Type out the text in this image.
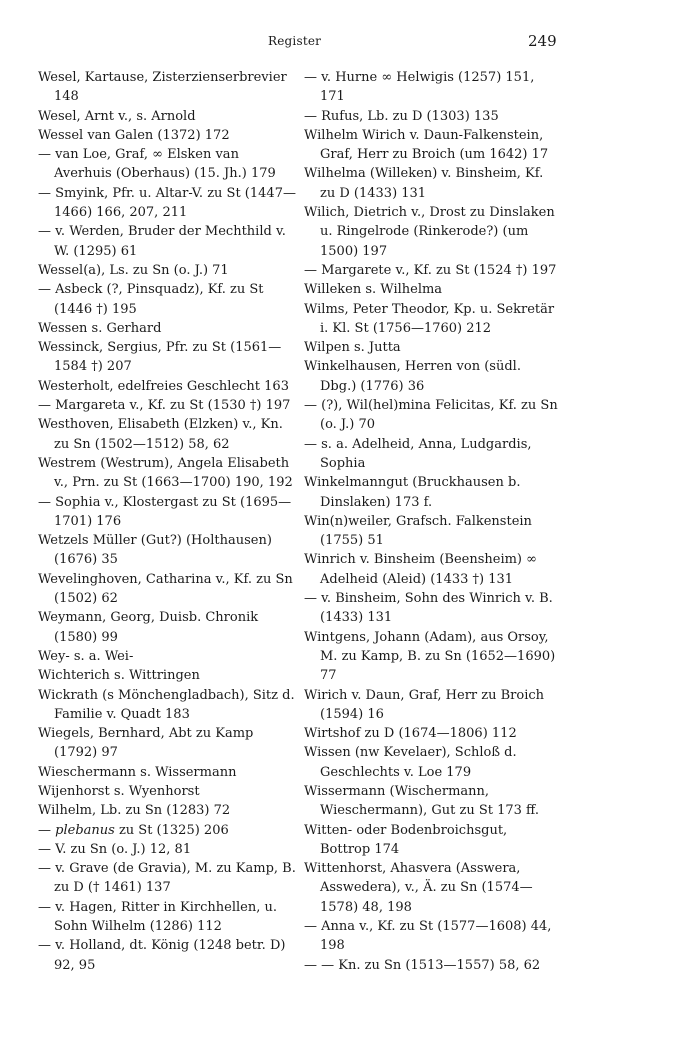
Register	249

Wesel, Kartause, Zisterzienserbrevier 148

Wesel, Arnt v., s. Arnold

Wessel van Galen (1372) 172

— van Loe, Graf, ∞ Elsken van Averhuis (Oberhaus) (15. Jh.) 179

— Smyink, Pfr. u. Altar-V. zu St (1447—1466) 166, 207, 211

— v. Werden, Bruder der Mechthild v. W. (1295) 61

Wessel(a), Ls. zu Sn (o. J.) 71

— Asbeck (?, Pinsquadz), Kf. zu St (1446 †) 195

Wessen s. Gerhard

Wessinck, Sergius, Pfr. zu St (1561—1584 †) 207

Westerholt, edelfreies Geschlecht 163

— Margareta v., Kf. zu St (1530 †) 197

Westhoven, Elisabeth (Elzken) v., Kn. zu Sn (1502—1512) 58, 62

Westrem (Westrum), Angela Elisabeth v., Prn. zu St (1663—1700) 190, 192

— Sophia v., Klostergast zu St (1695—1701) 176

Wetzels Müller (Gut?) (Holthausen) (1676) 35

Wevelinghoven, Catharina v., Kf. zu Sn (1502) 62

Weymann, Georg, Duisb. Chronik (1580) 99

Wey- s. a. Wei-

Wichterich s. Wittringen

Wickrath (s Mönchengladbach), Sitz d. Familie v. Quadt 183

Wiegels, Bernhard, Abt zu Kamp (1792) 97

Wieschermann s. Wissermann

Wijenhorst s. Wyenhorst

Wilhelm, Lb. zu Sn (1283) 72

— plebanus zu St (1325) 206

— V. zu Sn (o. J.) 12, 81

— v. Grave (de Gravia), M. zu Kamp, B. zu D († 1461) 137

— v. Hagen, Ritter in Kirchhellen, u. Sohn Wilhelm (1286) 112

— v. Holland, dt. König (1248 betr. D) 92, 95

— v. Hurne ∞ Helwigis (1257) 151, 171

— Rufus, Lb. zu D (1303) 135

Wilhelm Wirich v. Daun-Falkenstein, Graf, Herr zu Broich (um 1642) 17

Wilhelma (Willeken) v. Binsheim, Kf. zu D (1433) 131

Wilich, Dietrich v., Drost zu Dinslaken u. Ringelrode (Rinkerode?) (um 1500) 197

— Margarete v., Kf. zu St (1524 †) 197

Willeken s. Wilhelma

Wilms, Peter Theodor, Kp. u. Sekretär i. Kl. St (1756—1760) 212

Wilpen s. Jutta

Winkelhausen, Herren von (südl. Dbg.) (1776) 36

— (?), Wil(hel)mina Felicitas, Kf. zu Sn (o. J.) 70

— s. a. Adelheid, Anna, Ludgardis, Sophia

Winkelmanngut (Bruckhausen b. Dinslaken) 173 f.

Win(n)weiler, Grafsch. Falkenstein (1755) 51

Winrich v. Binsheim (Beensheim) ∞ Adelheid (Aleid) (1433 †) 131

— v. Binsheim, Sohn des Winrich v. B. (1433) 131

Wintgens, Johann (Adam), aus Orsoy, M. zu Kamp, B. zu Sn (1652—1690) 77

Wirich v. Daun, Graf, Herr zu Broich (1594) 16

Wirtshof zu D (1674—1806) 112

Wissen (nw Kevelaer), Schloß d. Geschlechts v. Loe 179

Wissermann (Wischermann, Wieschermann), Gut zu St 173 ff.

Witten- oder Bodenbroichsgut, Bottrop 174

Wittenhorst, Ahasvera (Asswera, Asswedera), v., Ä. zu Sn (1574—1578) 48, 198

— Anna v., Kf. zu St (1577—1608) 44, 198

— — Kn. zu Sn (1513—1557) 58, 62
